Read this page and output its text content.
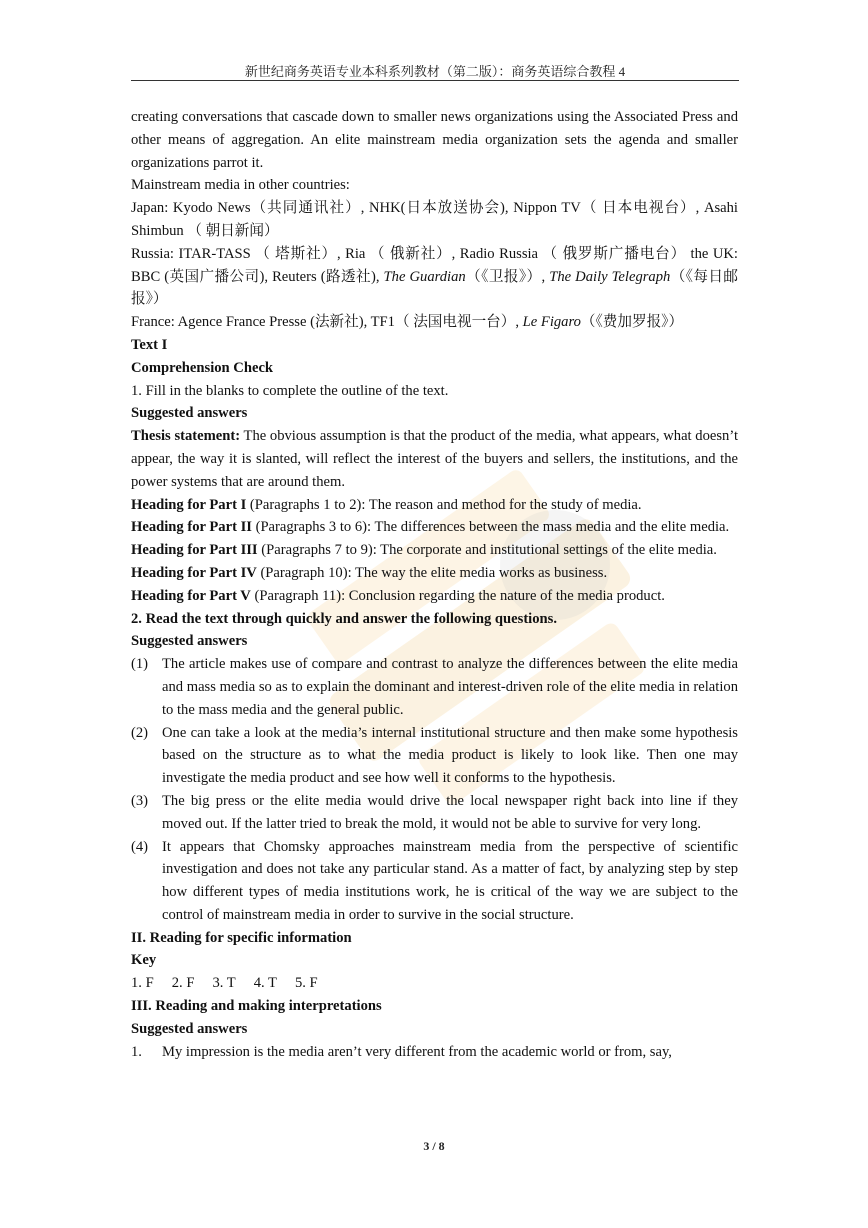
新世纪商务英语专业本科系列教材（第二版）：商务英语综合教程 4

creating conversations that cascade down to smaller news organizations using the Associated Press and other means of aggregation. An elite mainstream media organization sets the agenda and smaller organizations parrot it.

Mainstream media in other countries:

Japan: Kyodo News（共同通讯社）, NHK(日本放送协会), Nippon TV（ 日本电视台）, Asahi Shimbun （ 朝日新闻）

Russia: ITAR-TASS （ 塔斯社）, Ria （ 俄新社）, Radio Russia （ 俄罗斯广播电台） the UK: BBC (英国广播公司), Reuters (路透社), The Guardian（《卫报》）, The Daily Telegraph（《每日邮报》）

France: Agence France Presse (法新社), TF1（ 法国电视一台）, Le Figaro（《费加罗报》）

Text I

Comprehension Check

1. Fill in the blanks to complete the outline of the text.

Suggested answers

Thesis statement: The obvious assumption is that the product of the media, what appears, what doesn’t appear, the way it is slanted, will reflect the interest of the buyers and sellers, the institutions, and the power systems that are around them.

Heading for Part I (Paragraphs 1 to 2): The reason and method for the study of media.

Heading for Part II (Paragraphs 3 to 6): The differences between the mass media and the elite media.

Heading for Part III (Paragraphs 7 to 9): The corporate and institutional settings of the elite media.

Heading for Part IV (Paragraph 10): The way the elite media works as business.

Heading for Part V (Paragraph 11): Conclusion regarding the nature of the media product.

2. Read the text through quickly and answer the following questions.

Suggested answers

(1) The article makes use of compare and contrast to analyze the differences between the elite media and mass media so as to explain the dominant and interest-driven role of the elite media in relation to the mass media and the general public.
(2) One can take a look at the media’s internal institutional structure and then make some hypothesis based on the structure as to what the media product is likely to look like. Then one may investigate the media product and see how well it conforms to the hypothesis.
(3) The big press or the elite media would drive the local newspaper right back into line if they moved out. If the latter tried to break the mold, it would not be able to survive for very long.
(4) It appears that Chomsky approaches mainstream media from the perspective of scientific investigation and does not take any particular stand. As a matter of fact, by analyzing step by step how different types of media institutions work, he is critical of the way we are subject to the control of mainstream media in order to survive in the social structure.

II. Reading for specific information

Key

1. F 2. F 3. T 4. T 5. F

III. Reading and making interpretations

Suggested answers

1. My impression is the media aren’t very different from the academic world or from, say,
3 / 8
